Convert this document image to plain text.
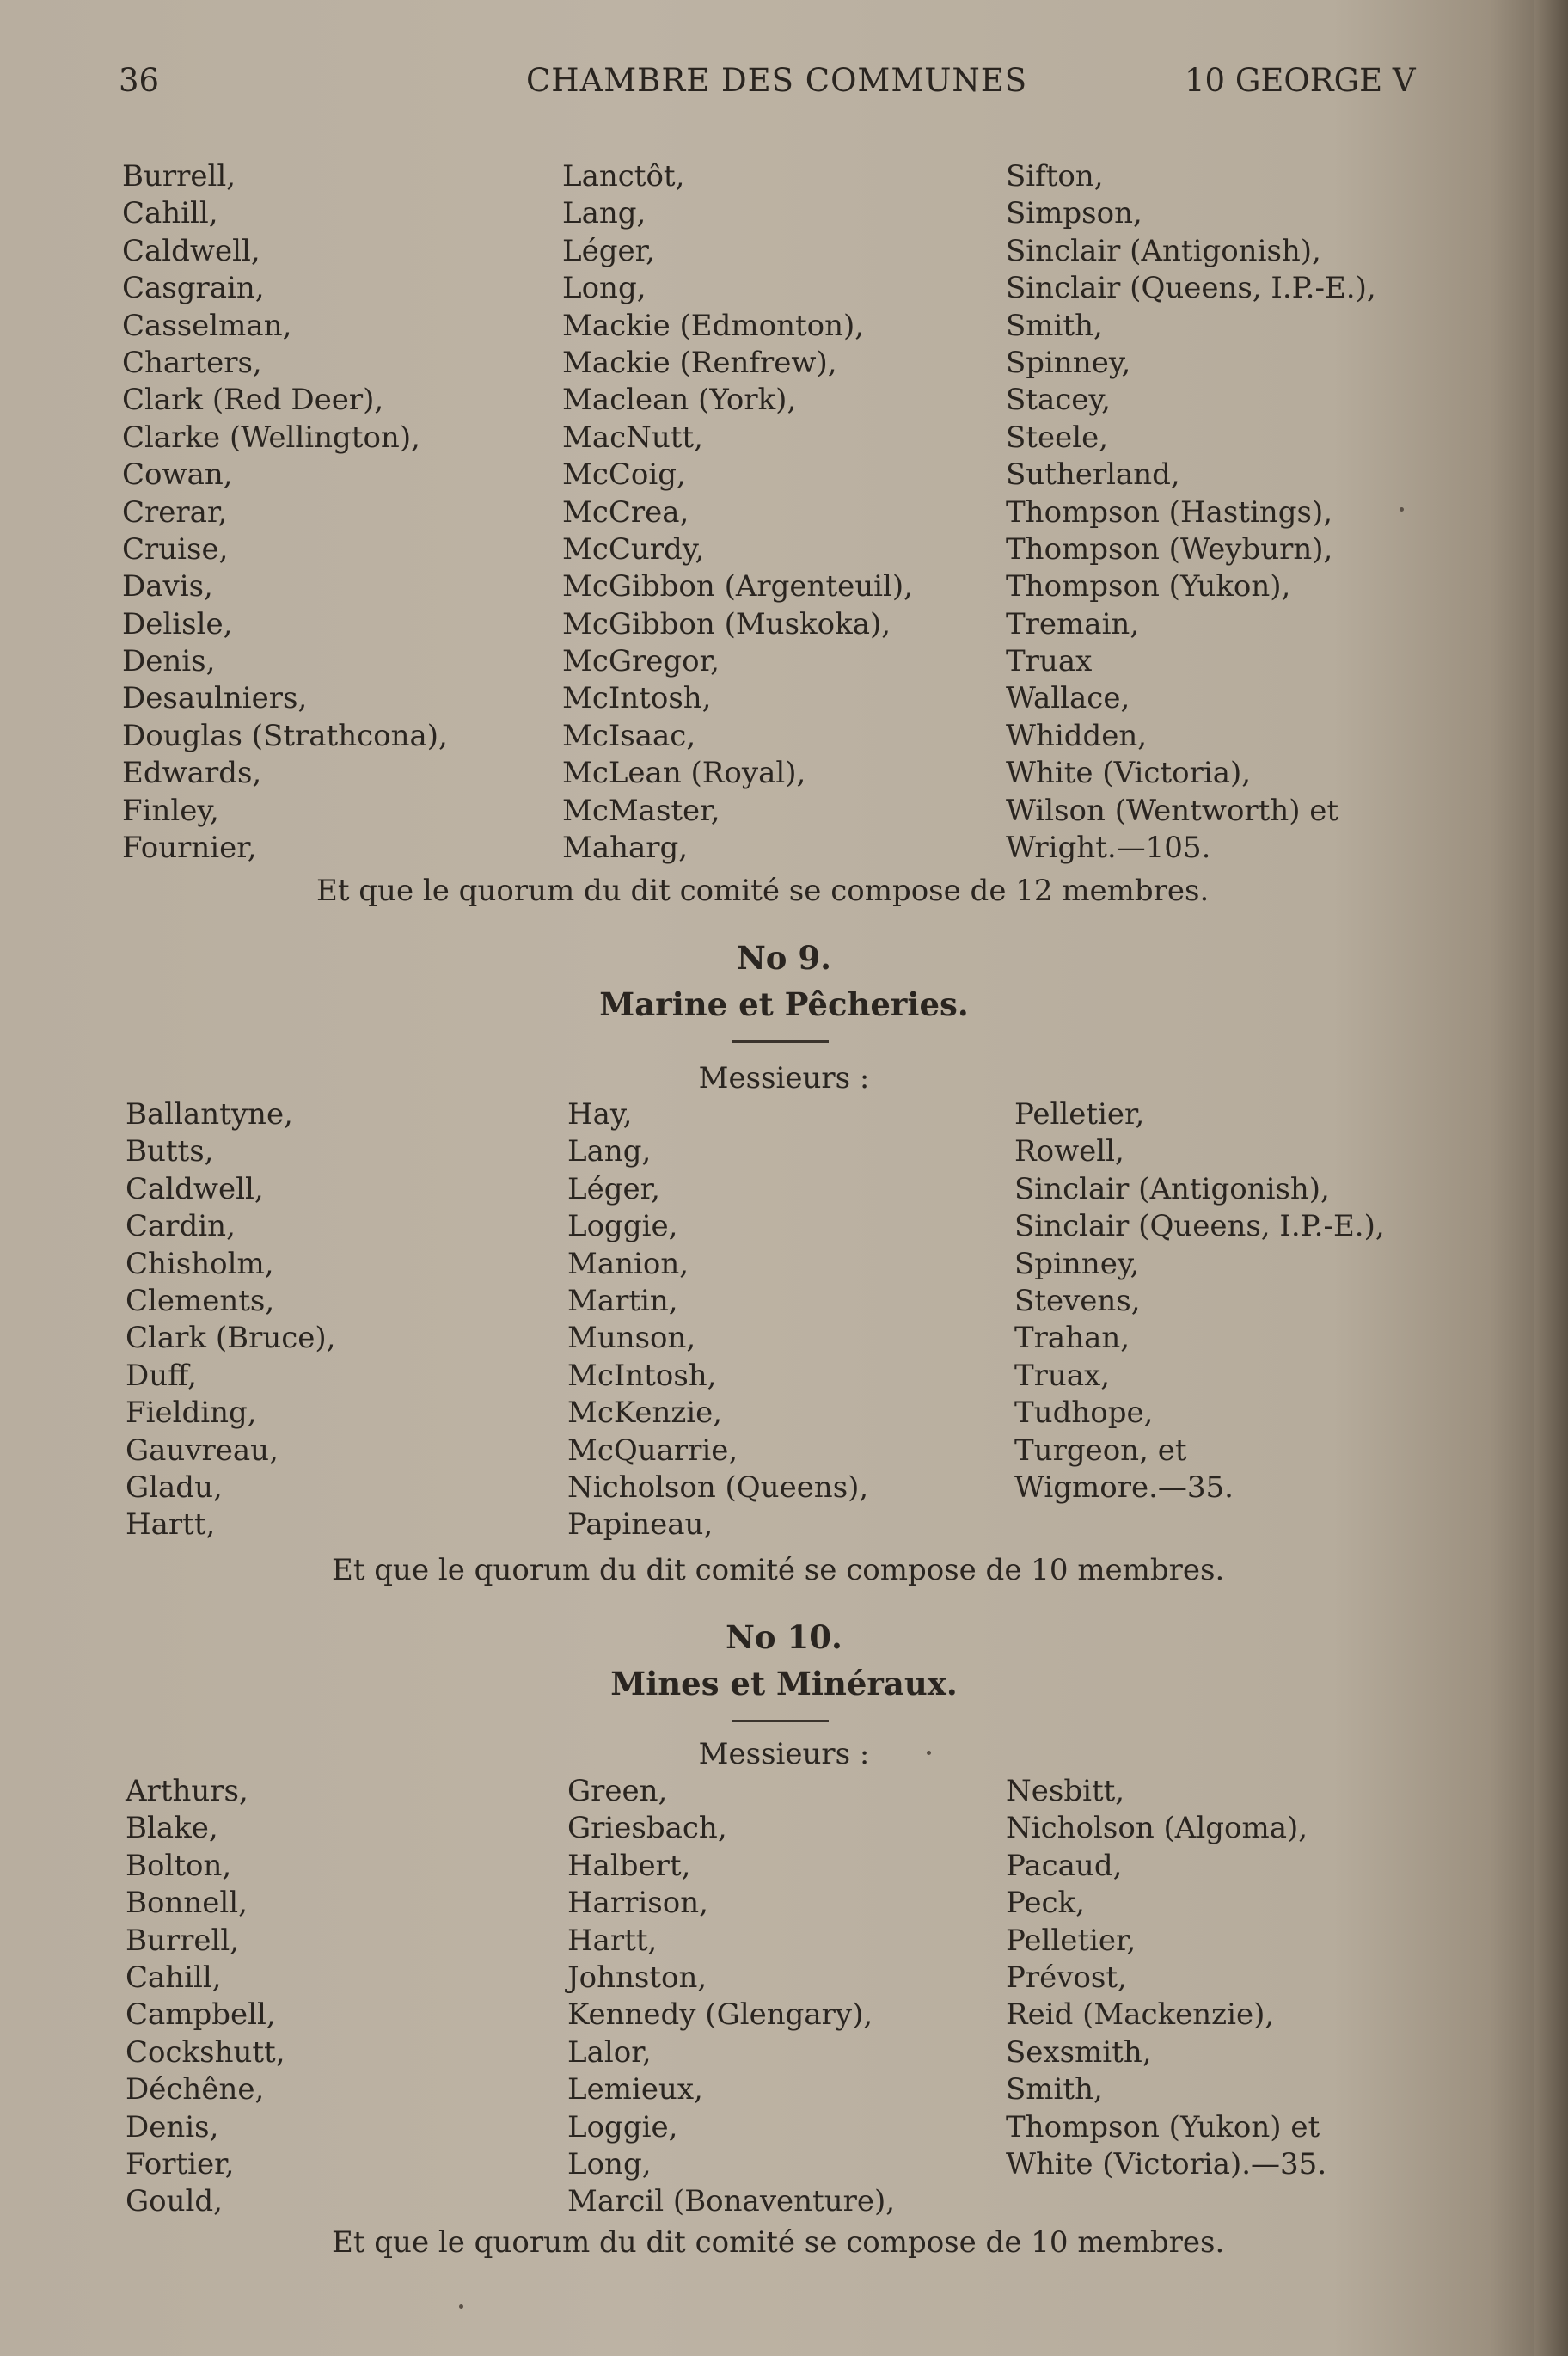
36	CHAMBRE DES COMMUNES	10 GEORGE V
Burrell,
Cahill,
Caldwell,
Casgrain,
Casselman,
Charters,
Clark (Red Deer),
Clarke (Wellington),
Cowan,
Crerar,
Cruise,
Davis,
Delisle,
Denis,
Desaulniers,
Douglas (Strathcona),
Edwards,
Finley,
Fournier,
Lanctôt,
Lang,
Léger,
Long,
Mackie (Edmonton),
Mackie (Renfrew),
Maclean (York),
MacNutt,
McCoig,
McCrea,
McCurdy,
McGibbon (Argenteuil),
McGibbon (Muskoka),
McGregor,
McIntosh,
McIsaac,
McLean (Royal),
McMaster,
Maharg,
Sifton,
Simpson,
Sinclair (Antigonish),
Sinclair (Queens, I.P.-E.),
Smith,
Spinney,
Stacey,
Steele,
Sutherland,
Thompson (Hastings),
Thompson (Weyburn),
Thompson (Yukon),
Tremain,
Truax
Wallace,
Whidden,
White (Victoria),
Wilson (Wentworth) et
Wright.—105.
Et que le quorum du dit comité se compose de 12 membres.
No 9.
Marine et Pêcheries.
Messieurs :
Ballantyne,
Butts,
Caldwell,
Cardin,
Chisholm,
Clements,
Clark (Bruce),
Duff,
Fielding,
Gauvreau,
Gladu,
Hartt,
Hay,
Lang,
Léger,
Loggie,
Manion,
Martin,
Munson,
McIntosh,
McKenzie,
McQuarrie,
Nicholson (Queens),
Papineau,
Pelletier,
Rowell,
Sinclair (Antigonish),
Sinclair (Queens, I.P.-E.),
Spinney,
Stevens,
Trahan,
Truax,
Tudhope,
Turgeon, et
Wigmore.—35.
Et que le quorum du dit comité se compose de 10 membres.
No 10.
Mines et Minéraux.
Messieurs :
Arthurs,
Blake,
Bolton,
Bonnell,
Burrell,
Cahill,
Campbell,
Cockshutt,
Déchêne,
Denis,
Fortier,
Gould,
Green,
Griesbach,
Halbert,
Harrison,
Hartt,
Johnston,
Kennedy (Glengary),
Lalor,
Lemieux,
Loggie,
Long,
Marcil (Bonaventure),
Nesbitt,
Nicholson (Algoma),
Pacaud,
Peck,
Pelletier,
Prévost,
Reid (Mackenzie),
Sexsmith,
Smith,
Thompson (Yukon) et
White (Victoria).—35.
Et que le quorum du dit comité se compose de 10 membres.
